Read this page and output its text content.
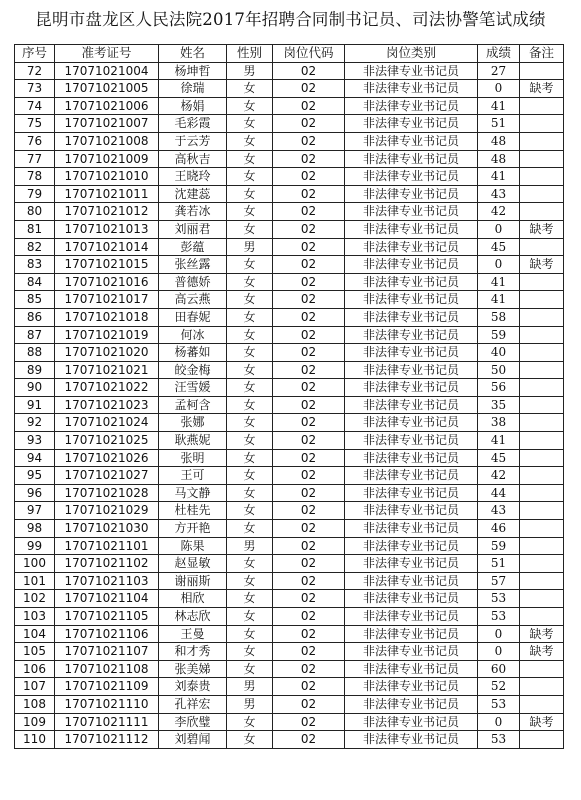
昆明市盘龙区人民法院2017年招聘合同制书记员、司法协警笔试成绩
序号	准考证号	姓名	性别	岗位代码	岗位类别	成绩	备注
72	17071021004	杨坤哲	男	02	非法律专业书记员	27	
73	17071021005	徐瑞	女	02	非法律专业书记员	0	缺考
74	17071021006	杨娟	女	02	非法律专业书记员	41	
75	17071021007	毛彩霞	女	02	非法律专业书记员	51	
76	17071021008	于云芳	女	02	非法律专业书记员	48	
77	17071021009	高秋吉	女	02	非法律专业书记员	48	
78	17071021010	王晓玲	女	02	非法律专业书记员	41	
79	17071021011	沈建蕊	女	02	非法律专业书记员	43	
80	17071021012	龚若冰	女	02	非法律专业书记员	42	
81	17071021013	刘丽君	女	02	非法律专业书记员	0	缺考
82	17071021014	彭蕴	男	02	非法律专业书记员	45	
83	17071021015	张丝露	女	02	非法律专业书记员	0	缺考
84	17071021016	普德娇	女	02	非法律专业书记员	41	
85	17071021017	高云燕	女	02	非法律专业书记员	41	
86	17071021018	田春妮	女	02	非法律专业书记员	58	
87	17071021019	何冰	女	02	非法律专业书记员	59	
88	17071021020	杨蕃如	女	02	非法律专业书记员	40	
89	17071021021	皎金梅	女	02	非法律专业书记员	50	
90	17071021022	汪雪媛	女	02	非法律专业书记员	56	
91	17071021023	孟柯含	女	02	非法律专业书记员	35	
92	17071021024	张娜	女	02	非法律专业书记员	38	
93	17071021025	耿燕妮	女	02	非法律专业书记员	41	
94	17071021026	张明	女	02	非法律专业书记员	45	
95	17071021027	王可	女	02	非法律专业书记员	42	
96	17071021028	马文静	女	02	非法律专业书记员	44	
97	17071021029	杜桂先	女	02	非法律专业书记员	43	
98	17071021030	方开艳	女	02	非法律专业书记员	46	
99	17071021101	陈果	男	02	非法律专业书记员	59	
100	17071021102	赵显敏	女	02	非法律专业书记员	51	
101	17071021103	谢丽斯	女	02	非法律专业书记员	57	
102	17071021104	相欣	女	02	非法律专业书记员	53	
103	17071021105	林志欣	女	02	非法律专业书记员	53	
104	17071021106	王曼	女	02	非法律专业书记员	0	缺考
105	17071021107	和才秀	女	02	非法律专业书记员	0	缺考
106	17071021108	张美娣	女	02	非法律专业书记员	60	
107	17071021109	刘泰贵	男	02	非法律专业书记员	52	
108	17071021110	孔祥宏	男	02	非法律专业书记员	53	
109	17071021111	李欣璧	女	02	非法律专业书记员	0	缺考
110	17071021112	刘碧闻	女	02	非法律专业书记员	53	
